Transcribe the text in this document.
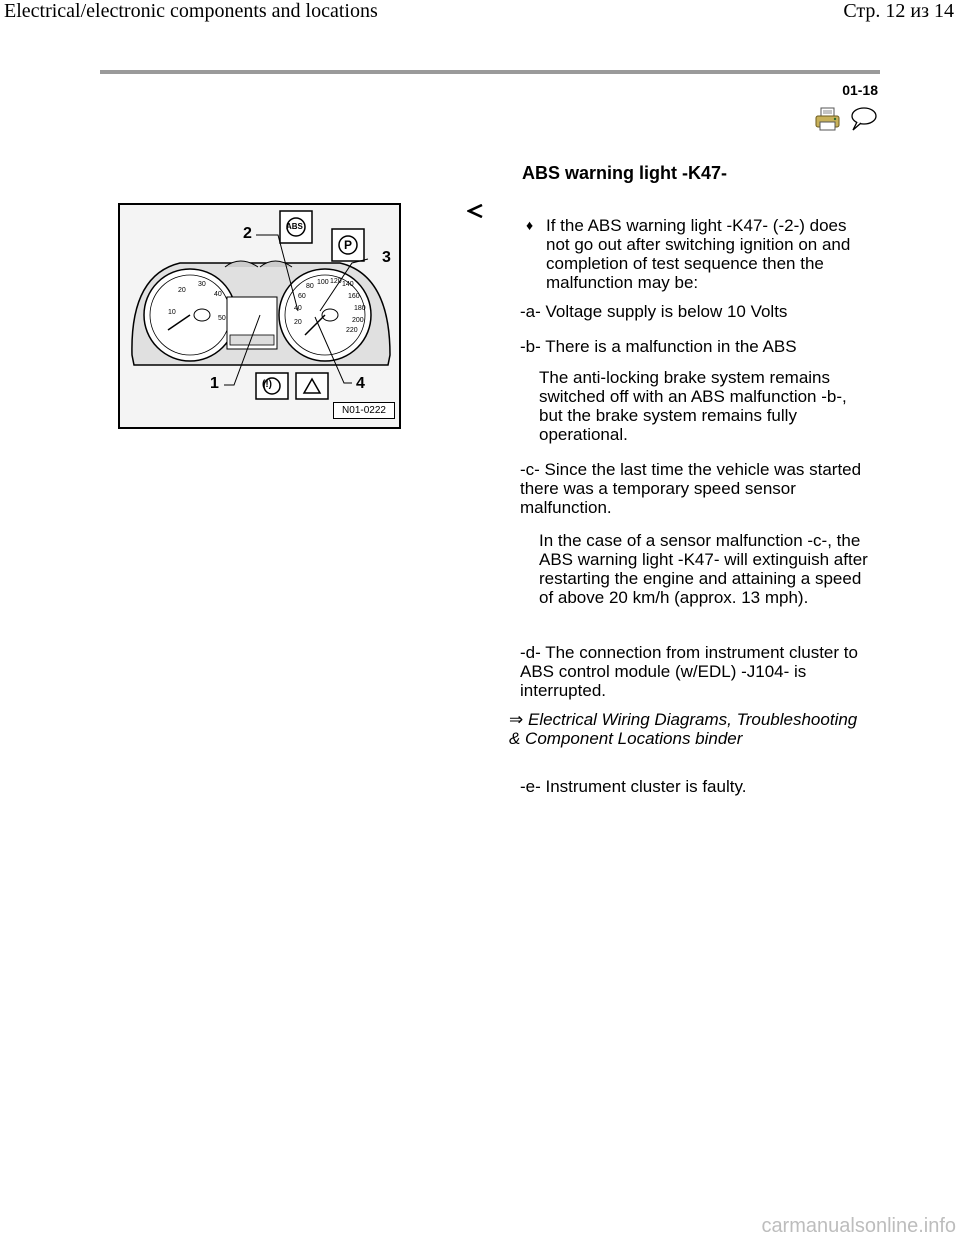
Electrical/electronic components and locations	Стр. 12 из 14
01-18
ABS warning light -K47-
N01-0222
2
3
1	4
ABS
P
(!)
60
80
100 120 140
160
180
200
220
40
20
10
20
30
40
50
♦ If the ABS warning light -K47- (-2-) does not go out after switching ignition on and completion of test sequence then the malfunction may be:
-a- Voltage supply is below 10 Volts
-b- There is a malfunction in the ABS
The anti-locking brake system remains switched off with an ABS malfunction -b-, but the brake system remains fully operational.
-c- Since the last time the vehicle was started there was a temporary speed sensor malfunction.
In the case of a sensor malfunction -c-, the ABS warning light -K47- will extinguish after restarting the engine and attaining a speed of above 20 km/h (approx. 13 mph).
-d- The connection from instrument cluster to ABS control module (w/EDL) -J104- is interrupted.
⇒ Electrical Wiring Diagrams, Troubleshooting & Component Locations binder
-e- Instrument cluster is faulty.
carmanualsonline.info
